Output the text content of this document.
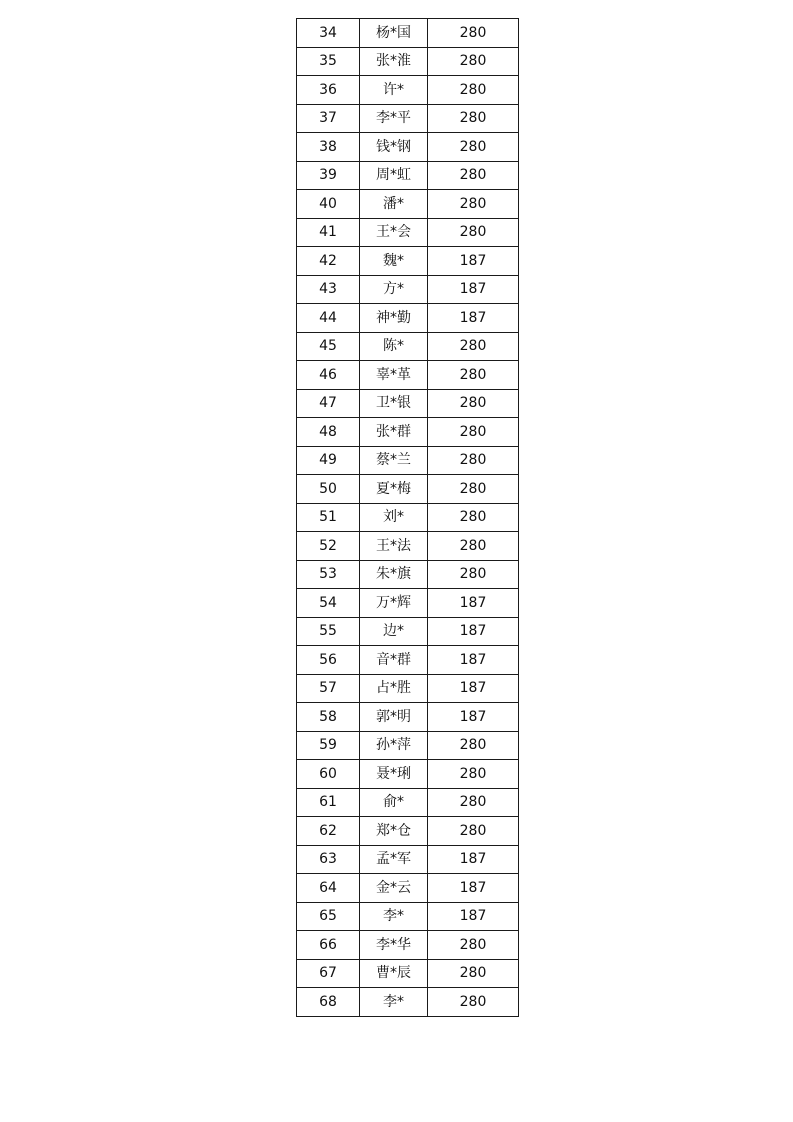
34	杨*国	280
35	张*淮	280
36	许*	280
37	李*平	280
38	钱*钢	280
39	周*虹	280
40	潘*	280
41	王*会	280
42	魏*	187
43	方*	187
44	神*勤	187
45	陈*	280
46	辜*革	280
47	卫*银	280
48	张*群	280
49	蔡*兰	280
50	夏*梅	280
51	刘*	280
52	王*法	280
53	朱*旗	280
54	万*辉	187
55	边*	187
56	音*群	187
57	占*胜	187
58	郭*明	187
59	孙*萍	280
60	聂*琍	280
61	俞*	280
62	郑*仓	280
63	孟*军	187
64	金*云	187
65	李*	187
66	李*华	280
67	曹*辰	280
68	李*	280
